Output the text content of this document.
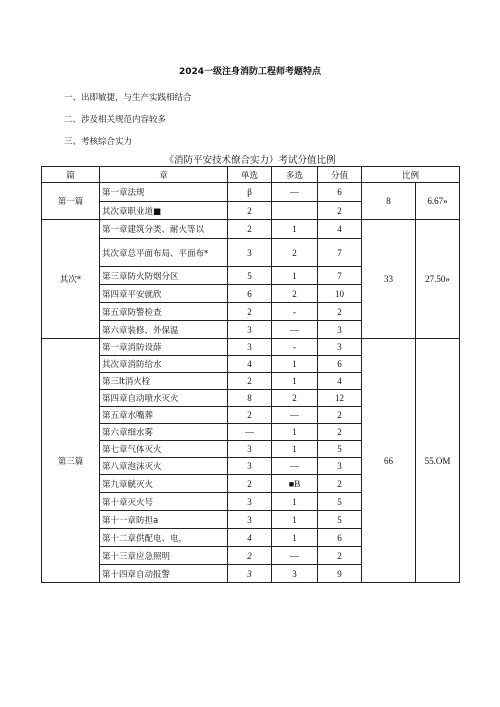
2024一级注身消防工程师考题特点
一、出即敏捷，与生产实践相结合
二、涉及相关规范内容较多
三、考核综合实力
《消防平安技术僚合实力）考试分值比例
篇	章	单选	多选	分值	比例	
第一篇	第一章法规	β	—	6	8	6.67»
	其次章职业道■	2		2		
其次*	第一章建筑分类、耐火等以	2	1	4	33	27.50»
	其次章总平面布局、平面布*	3	2	7		
	第三章防火防烟分区	5	1	7		
	第四章平安就欣	6	2	10		
	第五章防警检查	2	-	2		
	第六章装修、外保温	3	—	3		
第三篇	第一章消防设薛	3	-	3	66	55.OM
	其次章消防给水	4	1	6		
	第三lt消火栓	2	1	4		
	第四章自动喷水灭火	8	2	12		
	第五章水嘴葬	2	—	2		
	第六章细水雾	—	1	2		
	第七章气体灭火	3	1	5		
	第八章泡沫灭火	3	—	3		
	第九章觥灭火	2	■B	2		
	第十章灭火号	3	1	5		
	第十一章防担a	3	1	5		
	第十二章供配电、电，	4	1	6		
	第十三章应急照明	2	—	2		
	第十四章自动报警	3	3	9		
